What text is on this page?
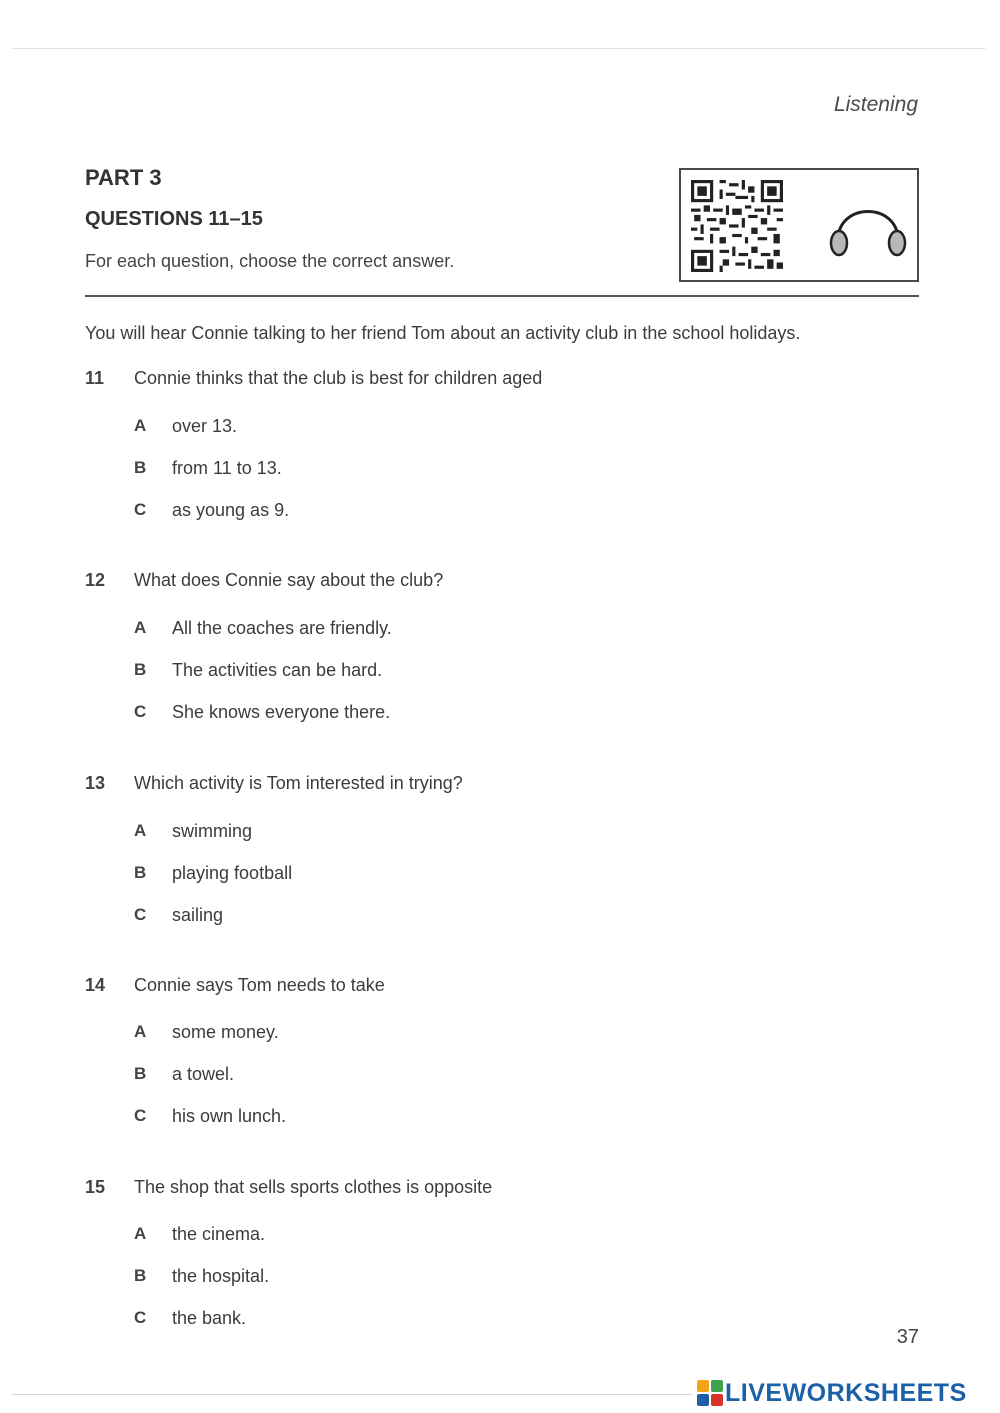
Listening
PART 3
QUESTIONS 11–15
For each question, choose the correct answer.
You will hear Connie talking to her friend Tom about an activity club in the school holidays.
11 Connie thinks that the club is best for children aged
A over 13.
B from 11 to 13.
C as young as 9.
12 What does Connie say about the club?
A All the coaches are friendly.
B The activities can be hard.
C She knows everyone there.
13 Which activity is Tom interested in trying?
A swimming
B playing football
C sailing
14 Connie says Tom needs to take
A some money.
B a towel.
C his own lunch.
15 The shop that sells sports clothes is opposite
A the cinema.
B the hospital.
C the bank.
37
LIVEWORKSHEETS
